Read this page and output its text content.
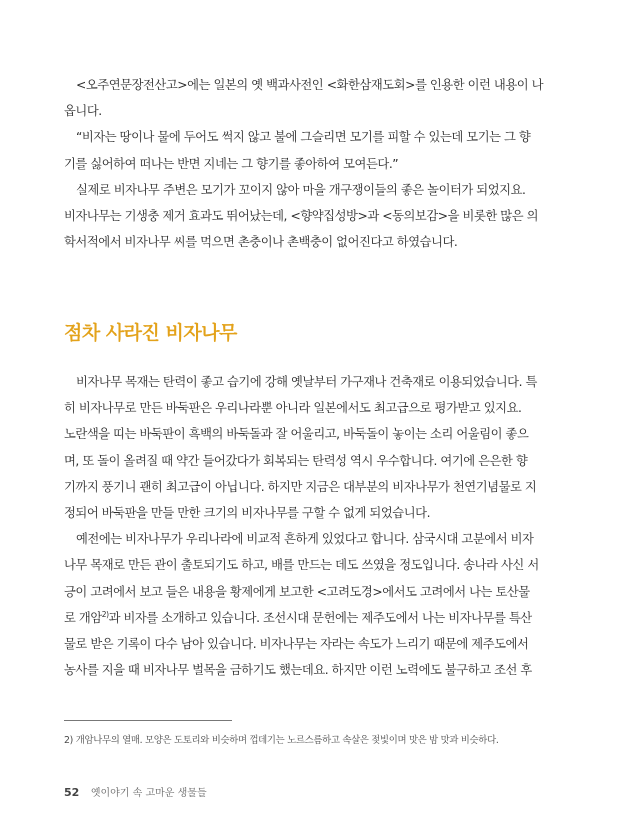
<오주연문장전산고>에는 일본의 옛 백과사전인 <화한삼재도회>를 인용한 이런 내용이 나
옵니다.

“비자는 땅이나 물에 두어도 썩지 않고 불에 그슬리면 모기를 피할 수 있는데 모기는 그 향
기를 싫어하여 떠나는 반면 지네는 그 향기를 좋아하여 모여든다.”

실제로 비자나무 주변은 모기가 꼬이지 않아 마을 개구쟁이들의 좋은 놀이터가 되었지요.
비자나무는 기생충 제거 효과도 뛰어났는데, <향약집성방>과 <동의보감>을 비롯한 많은 의
학서적에서 비자나무 씨를 먹으면 촌충이나 촌백충이 없어진다고 하였습니다.

점차 사라진 비자나무

비자나무 목재는 탄력이 좋고 습기에 강해 옛날부터 가구재나 건축재로 이용되었습니다. 특
히 비자나무로 만든 바둑판은 우리나라뿐 아니라 일본에서도 최고급으로 평가받고 있지요.
노란색을 띠는 바둑판이 흑백의 바둑돌과 잘 어울리고, 바둑돌이 놓이는 소리 어울림이 좋으
며, 또 돌이 올려질 때 약간 들어갔다가 회복되는 탄력성 역시 우수합니다. 여기에 은은한 향
기까지 풍기니 괜히 최고급이 아닙니다. 하지만 지금은 대부분의 비자나무가 천연기념물로 지
정되어 바둑판을 만들 만한 크기의 비자나무를 구할 수 없게 되었습니다.

예전에는 비자나무가 우리나라에 비교적 흔하게 있었다고 합니다. 삼국시대 고분에서 비자
나무 목재로 만든 관이 출토되기도 하고, 배를 만드는 데도 쓰였을 정도입니다. 송나라 사신 서
긍이 고려에서 보고 들은 내용을 황제에게 보고한 <고려도경>에서도 고려에서 나는 토산물
로 개암$^{2)}$과 비자를 소개하고 있습니다. 조선시대 문헌에는 제주도에서 나는 비자나무를 특산
물로 받은 기록이 다수 남아 있습니다. 비자나무는 자라는 속도가 느리기 때문에 제주도에서
농사를 지을 때 비자나무 벌목을 금하기도 했는데요. 하지만 이런 노력에도 불구하고 조선 후

2) 개암나무의 열매. 모양은 도토리와 비슷하며 껍데기는 노르스름하고 속살은 젖빛이며 맛은 밤 맛과 비슷하다.
52 옛이야기 속 고마운 생물들
